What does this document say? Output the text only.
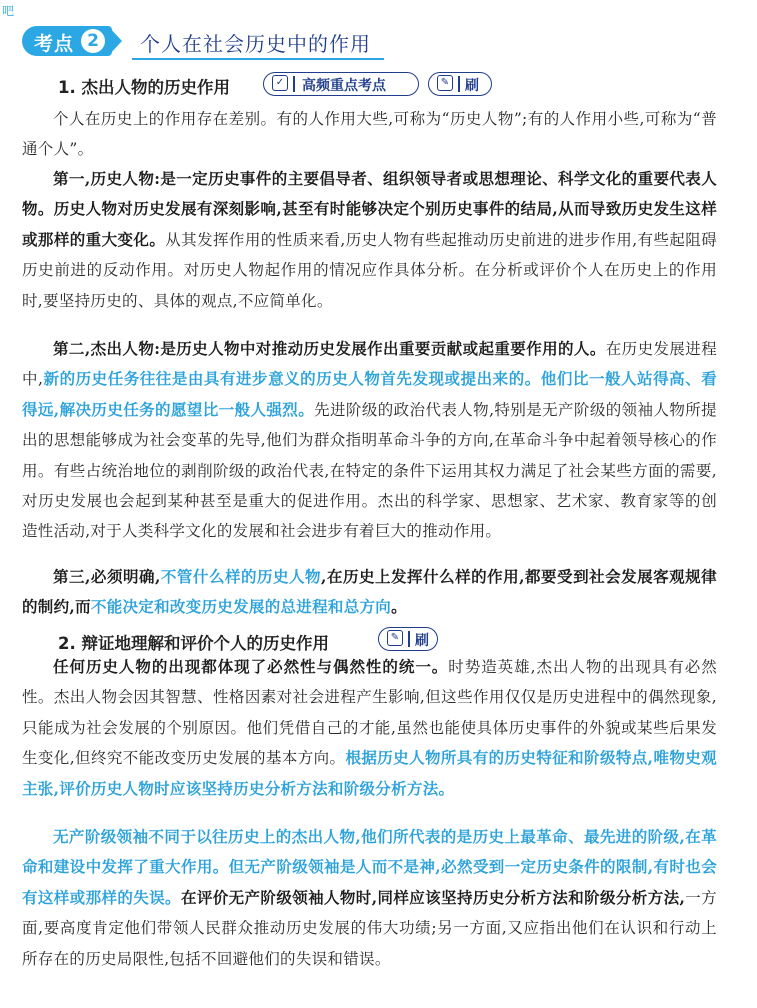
吧
考点 2	个人在社会历史中的作用
1. 杰出人物的历史作用	✓ 高频重点考点	✎ 刷
个人在历史上的作用存在差别。有的人作用大些,可称为“历史人物”;有的人作用小些,可称为“普通个人”。
第一,历史人物:是一定历史事件的主要倡导者、组织领导者或思想理论、科学文化的重要代表人物。历史人物对历史发展有深刻影响,甚至有时能够决定个别历史事件的结局,从而导致历史发生这样或那样的重大变化。从其发挥作用的性质来看,历史人物有些起推动历史前进的进步作用,有些起阻碍历史前进的反动作用。对历史人物起作用的情况应作具体分析。在分析或评价个人在历史上的作用时,要坚持历史的、具体的观点,不应简单化。
第二,杰出人物:是历史人物中对推动历史发展作出重要贡献或起重要作用的人。在历史发展进程中,新的历史任务往往是由具有进步意义的历史人物首先发现或提出来的。他们比一般人站得高、看得远,解决历史任务的愿望比一般人强烈。先进阶级的政治代表人物,特别是无产阶级的领袖人物所提出的思想能够成为社会变革的先导,他们为群众指明革命斗争的方向,在革命斗争中起着领导核心的作用。有些占统治地位的剥削阶级的政治代表,在特定的条件下运用其权力满足了社会某些方面的需要,对历史发展也会起到某种甚至是重大的促进作用。杰出的科学家、思想家、艺术家、教育家等的创造性活动,对于人类科学文化的发展和社会进步有着巨大的推动作用。
第三,必须明确,不管什么样的历史人物,在历史上发挥什么样的作用,都要受到社会发展客观规律的制约,而不能决定和改变历史发展的总进程和总方向。
2. 辩证地理解和评价个人的历史作用	✎ 刷
任何历史人物的出现都体现了必然性与偶然性的统一。时势造英雄,杰出人物的出现具有必然性。杰出人物会因其智慧、性格因素对社会进程产生影响,但这些作用仅仅是历史进程中的偶然现象,只能成为社会发展的个别原因。他们凭借自己的才能,虽然也能使具体历史事件的外貌或某些后果发生变化,但终究不能改变历史发展的基本方向。根据历史人物所具有的历史特征和阶级特点,唯物史观主张,评价历史人物时应该坚持历史分析方法和阶级分析方法。
无产阶级领袖不同于以往历史上的杰出人物,他们所代表的是历史上最革命、最先进的阶级,在革命和建设中发挥了重大作用。但无产阶级领袖是人而不是神,必然受到一定历史条件的限制,有时也会有这样或那样的失误。在评价无产阶级领袖人物时,同样应该坚持历史分析方法和阶级分析方法,一方面,要高度肯定他们带领人民群众推动历史发展的伟大功绩;另一方面,又应指出他们在认识和行动上所存在的历史局限性,包括不回避他们的失误和错误。
